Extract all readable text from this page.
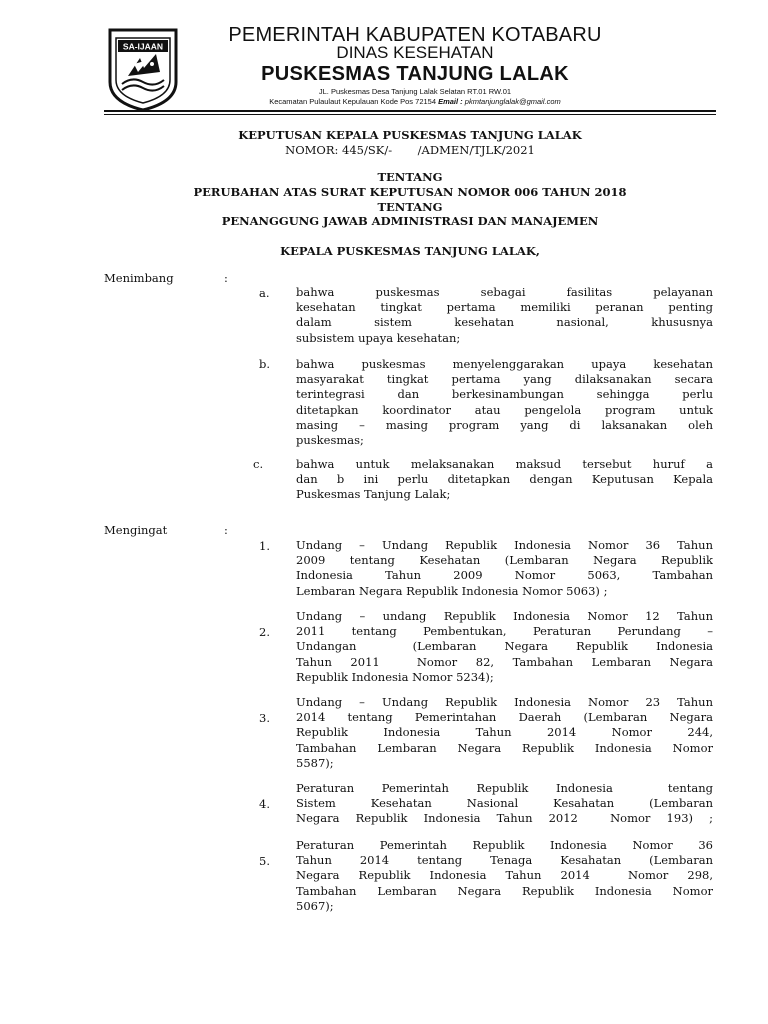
SA-IJAAN
PEMERINTAH KABUPATEN KOTABARU
DINAS KESEHATAN
PUSKESMAS TANJUNG LALAK
JL. Puskesmas Desa Tanjung Lalak Selatan RT.01 RW.01
Kecamatan Pulaulaut Kepulauan Kode Pos 72154 Email : pkmtanjunglalak@gmail.com
KEPUTUSAN KEPALA PUSKESMAS TANJUNG LALAK
NOMOR: 445/SK/-       /ADMEN/TJLK/2021
TENTANG
PERUBAHAN ATAS SURAT KEPUTUSAN NOMOR 006 TAHUN 2018
TENTANG
PENANGGUNG JAWAB ADMINISTRASI DAN MANAJEMEN
KEPALA PUSKESMAS TANJUNG LALAK,
Menimbang	:
a. bahwa puskesmas sebagai fasilitas pelayanan
kesehatan tingkat pertama memiliki peranan penting
dalam sistem kesehatan nasional, khususnya
subsistem upaya kesehatan;
b. bahwa puskesmas menyelenggarakan upaya kesehatan
masyarakat tingkat pertama yang dilaksanakan secara
terintegrasi dan berkesinambungan sehingga perlu
ditetapkan koordinator atau pengelola program untuk
masing – masing program yang di laksanakan oleh
puskesmas;
c.	bahwa untuk melaksanakan maksud tersebut huruf a
dan b ini perlu ditetapkan dengan Keputusan Kepala
Puskesmas Tanjung Lalak;
Mengingat	:
1. Undang – Undang Republik Indonesia Nomor 36 Tahun
2009 tentang Kesehatan (Lembaran Negara Republik
Indonesia Tahun 2009 Nomor 5063, Tambahan
Lembaran Negara Republik Indonesia Nomor 5063) ;
2.
Undang – undang Republik Indonesia Nomor 12 Tahun
2011 tentang Pembentukan, Peraturan Perundang –
Undangan  (Lembaran Negara Republik Indonesia
Tahun 2011  Nomor 82, Tambahan Lembaran Negara
Republik Indonesia Nomor 5234);
3.
Undang – Undang Republik Indonesia Nomor 23 Tahun
2014 tentang Pemerintahan Daerah (Lembaran Negara
Republik Indonesia Tahun 2014 Nomor 244,
Tambahan Lembaran Negara Republik Indonesia Nomor
5587);
4.
Peraturan Pemerintah Republik Indonesia  tentang
Sistem Kesehatan Nasional Kesahatan (Lembaran
Negara Republik Indonesia Tahun 2012  Nomor 193) ;
5.
Peraturan Pemerintah Republik Indonesia Nomor 36
Tahun 2014 tentang Tenaga Kesahatan (Lembaran
Negara Republik Indonesia Tahun 2014  Nomor 298,
Tambahan Lembaran Negara Republik Indonesia Nomor
5067);
